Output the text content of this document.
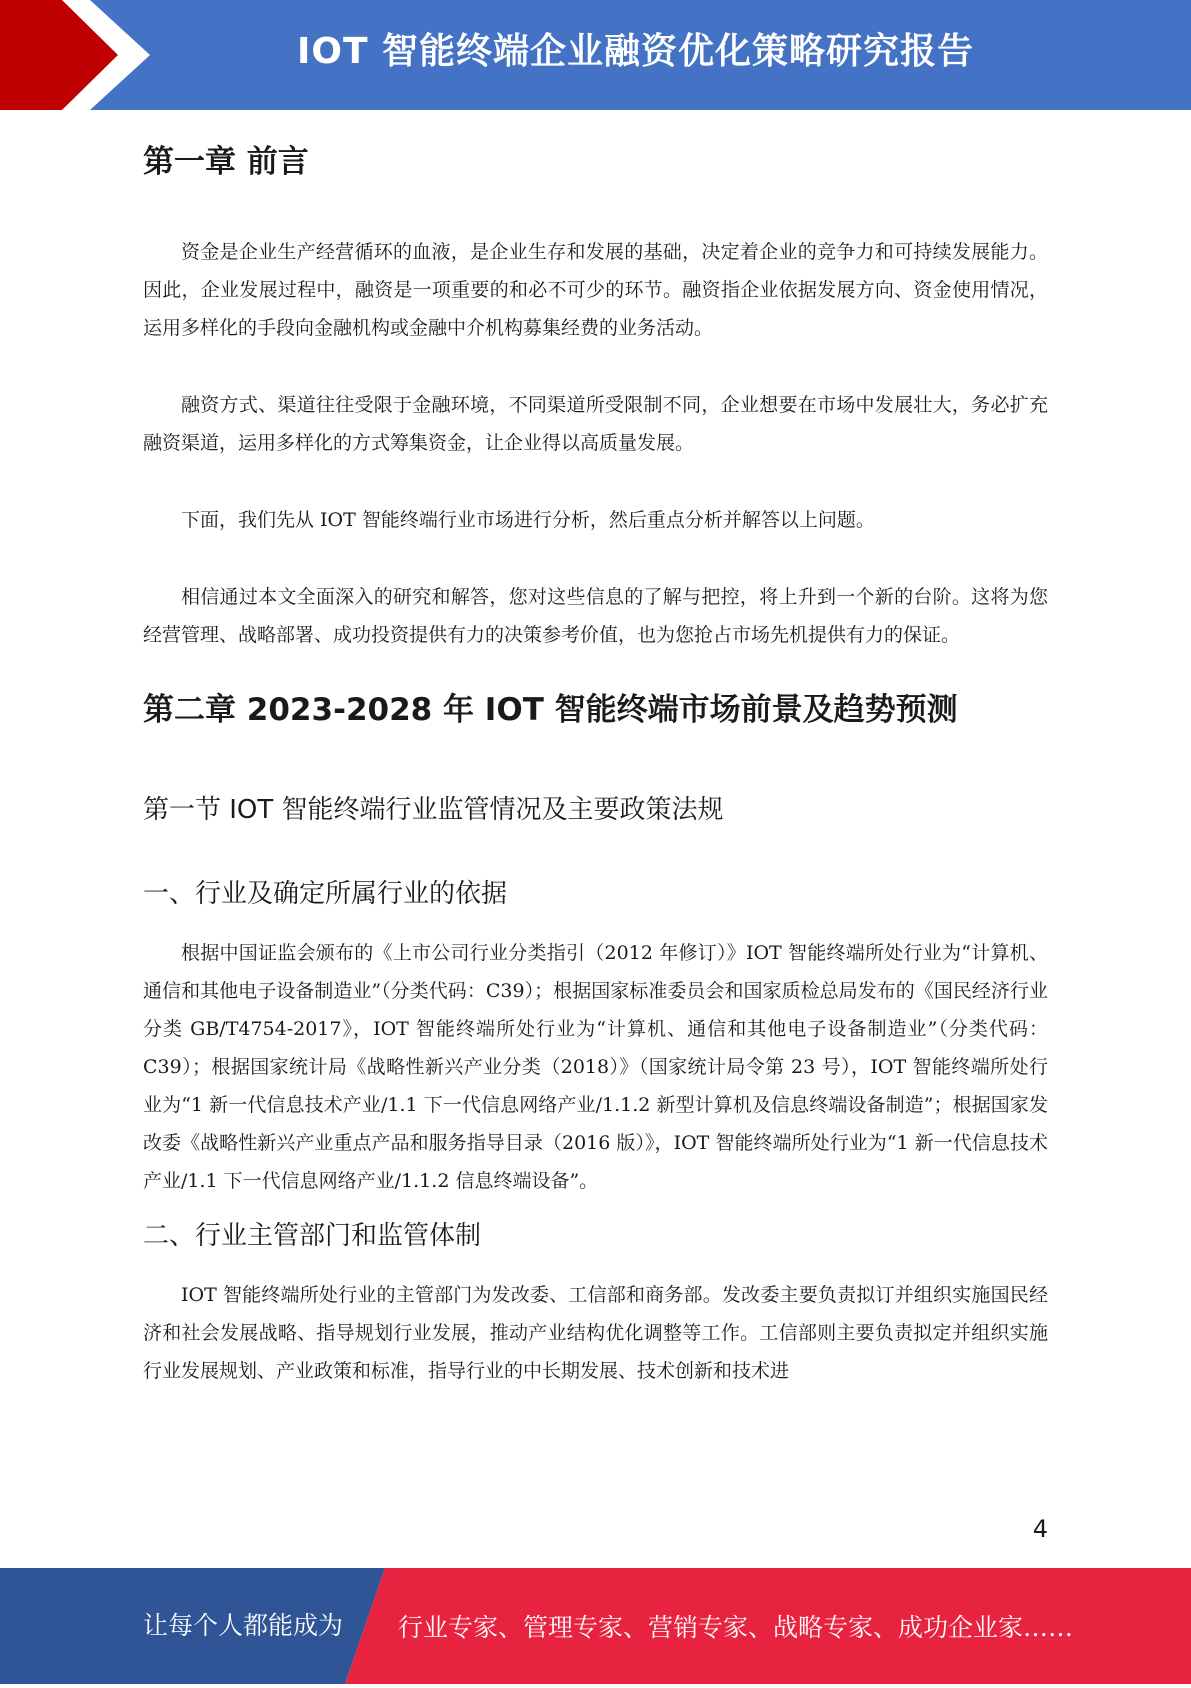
IOT 智能终端企业融资优化策略研究报告
第一章 前言

资金是企业生产经营循环的血液，是企业生存和发展的基础，决定着企业的竞争力和可持续发展能力。因此，企业发展过程中，融资是一项重要的和必不可少的环节。融资指企业依据发展方向、资金使用情况，运用多样化的手段向金融机构或金融中介机构募集经费的业务活动。

融资方式、渠道往往受限于金融环境，不同渠道所受限制不同，企业想要在市场中发展壮大，务必扩充融资渠道，运用多样化的方式筹集资金，让企业得以高质量发展。

下面，我们先从 IOT 智能终端行业市场进行分析，然后重点分析并解答以上问题。

相信通过本文全面深入的研究和解答，您对这些信息的了解与把控，将上升到一个新的台阶。这将为您经营管理、战略部署、成功投资提供有力的决策参考价值，也为您抢占市场先机提供有力的保证。

第二章 2023-2028 年 IOT 智能终端市场前景及趋势预测
第一节 IOT 智能终端行业监管情况及主要政策法规
一、行业及确定所属行业的依据

根据中国证监会颁布的《上市公司行业分类指引（2012 年修订）》IOT 智能终端所处行业为“计算机、通信和其他电子设备制造业”（分类代码：C39）；根据国家标准委员会和国家质检总局发布的《国民经济行业分类 GB/T4754-2017》，IOT 智能终端所处行业为“计算机、通信和其他电子设备制造业”（分类代码：C39）；根据国家统计局《战略性新兴产业分类（2018）》（国家统计局令第 23 号），IOT 智能终端所处行业为“1 新一代信息技术产业/1.1 下一代信息网络产业/1.1.2 新型计算机及信息终端设备制造”；根据国家发改委《战略性新兴产业重点产品和服务指导目录（2016 版）》，IOT 智能终端所处行业为“1 新一代信息技术产业/1.1 下一代信息网络产业/1.1.2 信息终端设备”。

二、行业主管部门和监管体制

IOT 智能终端所处行业的主管部门为发改委、工信部和商务部。发改委主要负责拟订并组织实施国民经济和社会发展战略、指导规划行业发展，推动产业结构优化调整等工作。工信部则主要负责拟定并组织实施行业发展规划、产业政策和标准，指导行业的中长期发展、技术创新和技术进

4
让每个人都能成为 行业专家、管理专家、营销专家、战略专家、成功企业家……
